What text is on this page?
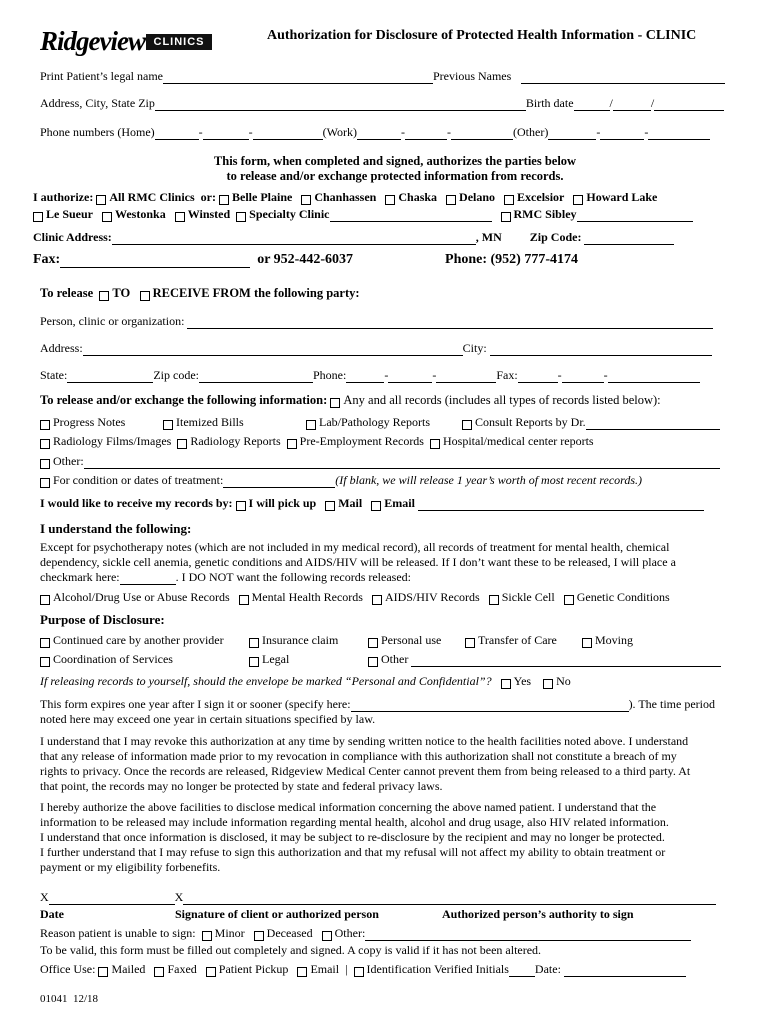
Ridgeview CLINICS	Authorization for Disclosure of Protected Health Information - CLINIC
Print Patient’s legal name	Previous Names
Address, City, State Zip	Birth date	/	/
Phone numbers (Home)	-	-	(Work)	-	-	(Other)	-	-
This form, when completed and signed, authorizes the parties below
to release and/or exchange protected information from records.
I authorize:
All RMC Clinics
or:
Belle Plaine
Chanhassen
Chaska
Delano
Excelsior
Howard Lake
Le Sueur
Westonka
Winsted
Specialty Clinic
	RMC Sibley
Clinic Address:	, MN Zip Code:

Fax:
	or 952-442-6037	Phone: (952) 777-4174
To release
TO
RECEIVE FROM
the following party:
Person, clinic or organization:

Address:	City:

State:	Zip code:	Phone:	-	-	Fax:	-	-
To release and/or exchange the following information:
Any and all records (includes all types of records listed below):
Progress Notes	Itemized Bills	Lab/Pathology Reports	Consult Reports by Dr.
Radiology Films/Images
Radiology Reports
Pre-Employment Records
Hospital/medical center reports
Other:
For condition or dates of treatment:	(If blank, we will release 1 year’s worth of most recent records.)
I would like to receive my records by:
I will pick up
Mail
Email

I understand the following:
Except for psychotherapy notes (which are not included in my medical record), all records of treatment for mental health, chemical
dependency, sickle cell anemia, genetic conditions and AIDS/HIV will be released. If I don’t want these to be released, I will place a
checkmark here:	. I DO NOT want the following records released:
Alcohol/Drug Use or Abuse Records
Mental Health Records
AIDS/HIV Records
Sickle Cell
Genetic Conditions
Purpose of Disclosure:
Continued care by another provider	Insurance claim	Personal use	Transfer of Care	Moving
Coordination of Services	Legal	Other

If releasing records to yourself, should the envelope be marked “Personal and Confidential”?
Yes
No
This form expires one year after I sign it or sooner (specify here:	). The time period
noted here may exceed one year in certain situations specified by law.
I understand that I may revoke this authorization at any time by sending written notice to the health facilities noted above. I understand
that any release of information made prior to my revocation in compliance with this authorization shall not constitute a breach of my
rights to privacy. Once the records are released, Ridgeview Medical Center cannot prevent them from being released to a third party. At
that point, the records may no longer be protected by state and federal privacy laws.
I hereby authorize the above facilities to disclose medical information concerning the above named patient. I understand that the
information to be released may include information regarding mental health, alcohol and drug usage, also HIV related information.
I understand that once information is disclosed, it may be subject to re-disclosure by the recipient and may no longer be protected.
I further understand that I may refuse to sign this authorization and that my refusal will not affect my ability to obtain treatment or
payment or my eligibility forbenefits.
X	X
Date	Signature of client or authorized person	Authorized person’s authority to sign
Reason patient is unable to sign:
Minor
Deceased
Other:
To be valid, this form must be filled out completely and signed. A copy is valid if it has not been altered.
Office Use:
Mailed
Faxed
Patient Pickup
Email
|
Identification Verified Initials Date:

01041  12/18
